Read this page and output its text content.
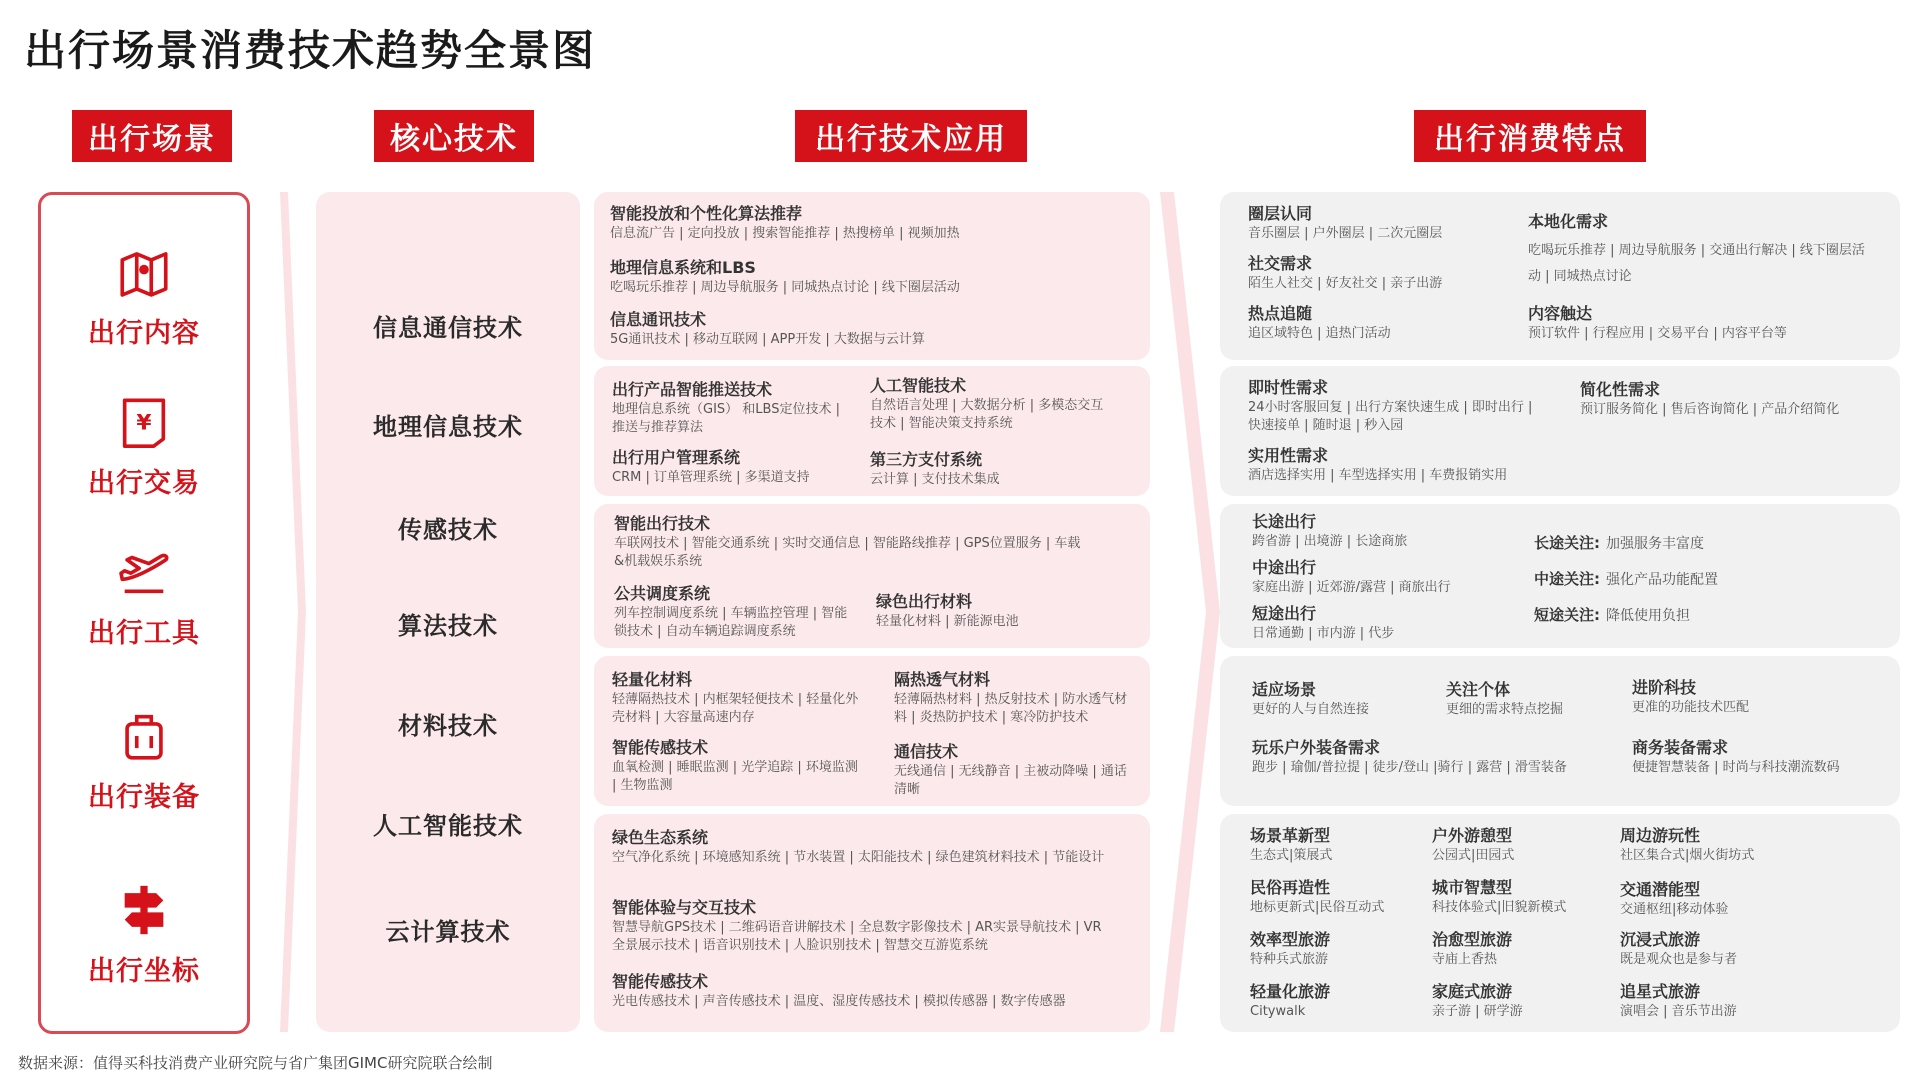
出行场景消费技术趋势全景图
出行场景	核心技术	出行技术应用	出行消费特点
出行内容
¥
出行交易
出行工具
出行装备
出行坐标
信息通信技术
地理信息技术
传感技术
算法技术
材料技术
人工智能技术
云计算技术
智能投放和个性化算法推荐
信息流广告 | 定向投放 | 搜索智能推荐 | 热搜榜单 | 视频加热
地理信息系统和LBS
吃喝玩乐推荐 | 周边导航服务 | 同城热点讨论 | 线下圈层活动
信息通讯技术
5G通讯技术 | 移动互联网 | APP开发 | 大数据与云计算
出行产品智能推送技术
地理信息系统（GIS） 和LBS定位技术 | 推送与推荐算法
人工智能技术
自然语言处理 | 大数据分析 | 多模态交互技术 | 智能决策支持系统
出行用户管理系统
CRM | 订单管理系统 | 多渠道支持
第三方支付系统
云计算 | 支付技术集成
智能出行技术
车联网技术 | 智能交通系统 | 实时交通信息 | 智能路线推荐 | GPS位置服务 | 车载&机载娱乐系统
公共调度系统
列车控制调度系统 | 车辆监控管理 | 智能锁技术 | 自动车辆追踪调度系统
绿色出行材料
轻量化材料 | 新能源电池
轻量化材料
轻薄隔热技术 | 内框架轻便技术 | 轻量化外壳材料 | 大容量高速内存
隔热透气材料
轻薄隔热材料 | 热反射技术 | 防水透气材料 | 炎热防护技术 | 寒冷防护技术
智能传感技术
血氧检测 | 睡眠监测 | 光学追踪 | 环境监测 | 生物监测
通信技术
无线通信 | 无线静音 | 主被动降噪 | 通话清晰
绿色生态系统
空气净化系统 | 环境感知系统 | 节水装置 | 太阳能技术 | 绿色建筑材料技术 | 节能设计
智能体验与交互技术
智慧导航GPS技术 | 二维码语音讲解技术 | 全息数字影像技术 | AR实景导航技术 | VR全景展示技术 | 语音识别技术 | 人脸识别技术 | 智慧交互游览系统
智能传感技术
光电传感技术 | 声音传感技术 | 温度、湿度传感技术 | 模拟传感器 | 数字传感器
圈层认同
音乐圈层 | 户外圈层 | 二次元圈层
社交需求
陌生人社交 | 好友社交 | 亲子出游
热点追随
追区域特色 | 追热门活动
本地化需求
吃喝玩乐推荐 | 周边导航服务 | 交通出行解决 | 线下圈层活动 | 同城热点讨论
内容触达
预订软件 | 行程应用 | 交易平台 | 内容平台等
即时性需求
24小时客服回复 | 出行方案快速生成 | 即时出行 | 快速接单 | 随时退 | 秒入园
简化性需求
预订服务简化 | 售后咨询简化 | 产品介绍简化
实用性需求
酒店选择实用 | 车型选择实用 | 车费报销实用
长途出行
跨省游 | 出境游 | 长途商旅
中途出行
家庭出游 | 近郊游/露营 | 商旅出行
短途出行
日常通勤 | 市内游 | 代步
长途关注: 加强服务丰富度
中途关注: 强化产品功能配置
短途关注: 降低使用负担
适应场景
更好的人与自然连接
关注个体
更细的需求特点挖掘
进阶科技
更准的功能技术匹配
玩乐户外装备需求
跑步 | 瑜伽/普拉提 | 徒步/登山 |骑行 | 露营 | 滑雪装备
商务装备需求
便捷智慧装备 | 时尚与科技潮流数码
场景革新型
生态式|策展式
户外游憩型
公园式|田园式
周边游玩性
社区集合式|烟火街坊式
民俗再造性
地标更新式|民俗互动式
城市智慧型
科技体验式|旧貌新模式
交通潜能型
交通枢纽|移动体验
效率型旅游
特种兵式旅游
治愈型旅游
寺庙上香热
沉浸式旅游
既是观众也是参与者
轻量化旅游
Citywalk
家庭式旅游
亲子游 | 研学游
追星式旅游
演唱会 | 音乐节出游
数据来源：值得买科技消费产业研究院与省广集团GIMC研究院联合绘制
